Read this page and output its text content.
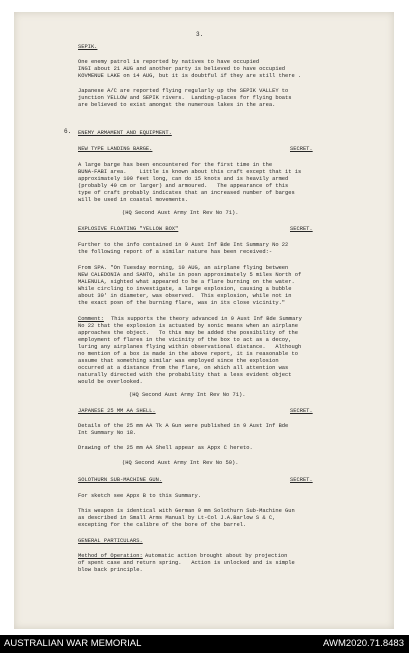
3.

SEPIK.

One enemy patrol is reported by natives to have occupied

INGI about 21 AUG and another party is believed to have occupied

KOVMENUE LAKE on 14 AUG, but it is doubtful if they are still there .

Japanese A/C are reported flying regularly up the SEPIK VALLEY to

junction YELLOW and SEPIK rivers.  Landing-places for flying boats

are believed to exist amongst the numerous lakes in the area.

6. ENEMY ARMAMENT AND EQUIPMENT.

NEW TYPE LANDING BARGE.	SECRET.

A large barge has been encountered for the first time in the

BUNA-FABI area.    Little is known about this craft except that it is

approximately 100 feet long, can do 15 knots and is heavily armed

(probably 40 cm or larger) and armoured.   The appearance of this

type of craft probably indicates that an increased number of barges

will be used in coastal movements.

(HQ Second Aust Army Int Rev No 71).

EXPLOSIVE FLOATING "YELLOW BOX"	SECRET.

Further to the info contained in 9 Aust Inf Bde Int Summary No 22

the following report of a similar nature has been received:-

From SPA. "On Tuesday morning, 10 AUG, an airplane flying between

NEW CALEDONIA and SANTO, while in posn approximately 5 miles North of

MALENULA, sighted what appeared to be a flare burning on the water.

While circling to investigate, a large explosion, causing a bubble

about 30' in diameter, was observed.  This explosion, while not in

the exact posn of the burning flare, was in its close vicinity."

Comment: This supports the theory advanced in 9 Aust Inf Bde Summary

No 22 that the explosion is actuated by sonic means when an airplane

approaches the object.   To this may be added the possibility of the

employment of flares in the vicinity of the box to act as a decoy,

luring any airplanes flying within observational distance.   Although

no mention of a box is made in the above report, it is reasonable to

assume that something similar was employed since the explosion

occurred at a distance from the flare, on which all attention was

naturally directed with the probability that a less evident object

would be overlooked.

(HQ Second Aust Army Int Rev No 71).

JAPANESE 25 MM AA SHELL.	SECRET.

Details of the 25 mm AA Tk A Gun were published in 9 Aust Inf Bde

Int Summary No 18.

Drawing of the 25 mm AA Shell appear as Appx C hereto.

(HQ Second Aust Army Int Rev No 50).

SOLOTHURN SUB-MACHINE GUN.	SECRET.

For sketch see Appx B to this Summary.

This weapon is identical with German 9 mm Solothurn Sub-Machine Gun

as described in Small Arms Manual by Lt-Col J.A.Barlow S & C,

excepting for the calibre of the bore of the barrel.

GENERAL PARTICULARS.

Method of Operation: Automatic action brought about by projection

of spent case and return spring.   Action is unlocked and is simple

blow back principle.

AUSTRALIAN WAR MEMORIAL	AWM2020.71.8483
